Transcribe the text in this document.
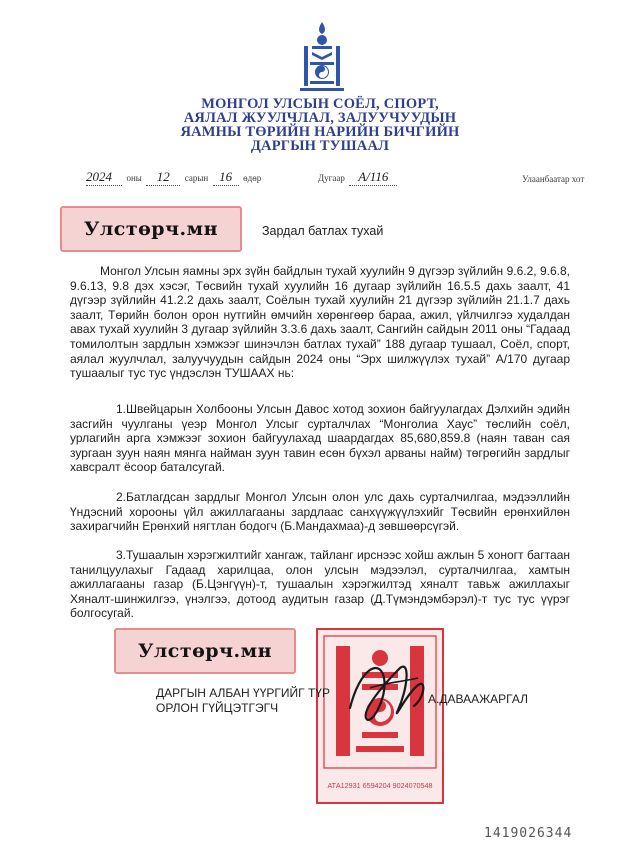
МОНГОЛ УЛСЫН СОЁЛ, СПОРТ,
АЯЛАЛ ЖУУЛЧЛАЛ, ЗАЛУУЧУУДЫН
ЯАМНЫ ТӨРИЙН НАРИЙН БИЧГИЙН
ДАРГЫН ТУШААЛ
2024 оны 12 сарын 16 өдөр	Дугаар А/116	Улаанбаатар хот
Улстөрч.мн	Зардал батлах тухай
Монгол Улсын яамны эрх зүйн байдлын тухай хуулийн 9 дүгээр зүйлийн 9.6.2, 9.6.8, 9.6.13, 9.8 дэх хэсэг, Төсвийн тухай хуулийн 16 дугаар зүйлийн 16.5.5 дахь заалт, 41 дүгээр зүйлийн 41.2.2 дахь заалт, Соёлын тухай хуулийн 21 дүгээр зүйлийн 21.1.7 дахь заалт, Төрийн болон орон нутгийн өмчийн хөрөнгөөр бараа, ажил, үйлчилгээ худалдан авах тухай хуулийн 3 дугаар зүйлийн 3.3.6 дахь заалт, Сангийн сайдын 2011 оны “Гадаад томилолтын зардлын хэмжээг шинэчлэн батлах тухай” 188 дугаар тушаал, Соёл, спорт, аялал жуулчлал, залуучуудын сайдын 2024 оны “Эрх шилжүүлэх тухай” А/170 дугаар тушаалыг тус тус үндэслэн ТУШААХ нь:
1.Швейцарын Холбооны Улсын Давос хотод зохион байгуулагдах Дэлхийн эдийн засгийн чуулганы үеэр Монгол Улсыг сурталчлах “Монголиа Хаус” төслийн соёл, урлагийн арга хэмжээг зохион байгуулахад шаардагдах 85,680,859.8 (наян таван сая зургаан зуун наян мянга найман зуун тавин есөн бүхэл арваны найм) төгрөгийн зардлыг хавсралт ёсоор баталсугай.
2.Батлагдсан зардлыг Монгол Улсын олон улс дахь сурталчилгаа, мэдээллийн Үндэсний хорооны үйл ажиллагааны зардлаас санхүүжүүлэхийг Төсвийн ерөнхийлөн захирагчийн Ерөнхий нягтлан бодогч (Б.Мандахмаа)-д зөвшөөрсүгэй.
3.Тушаалын хэрэгжилтийг хангаж, тайланг ирснээс хойш ажлын 5 хоногт багтаан танилцуулахыг Гадаад харилцаа, олон улсын мэдээлэл, сурталчилгаа, хамтын ажиллагааны газар (Б.Цэнгүүн)-т, тушаалын хэрэгжилтэд хяналт тавьж ажиллахыг Хяналт-шинжилгээ, үнэлгээ, дотоод аудитын газар (Д.Түмэндэмбэрэл)-т тус тус үүрэг болгосугай.
Улстөрч.мн
АТА12931 6594204 9024070548
ДАРГЫН АЛБАН ҮҮРГИЙГ ТҮР
ОРЛОН ГҮЙЦЭТГЭГЧ
А.ДАВААЖАРГАЛ
1419026344
